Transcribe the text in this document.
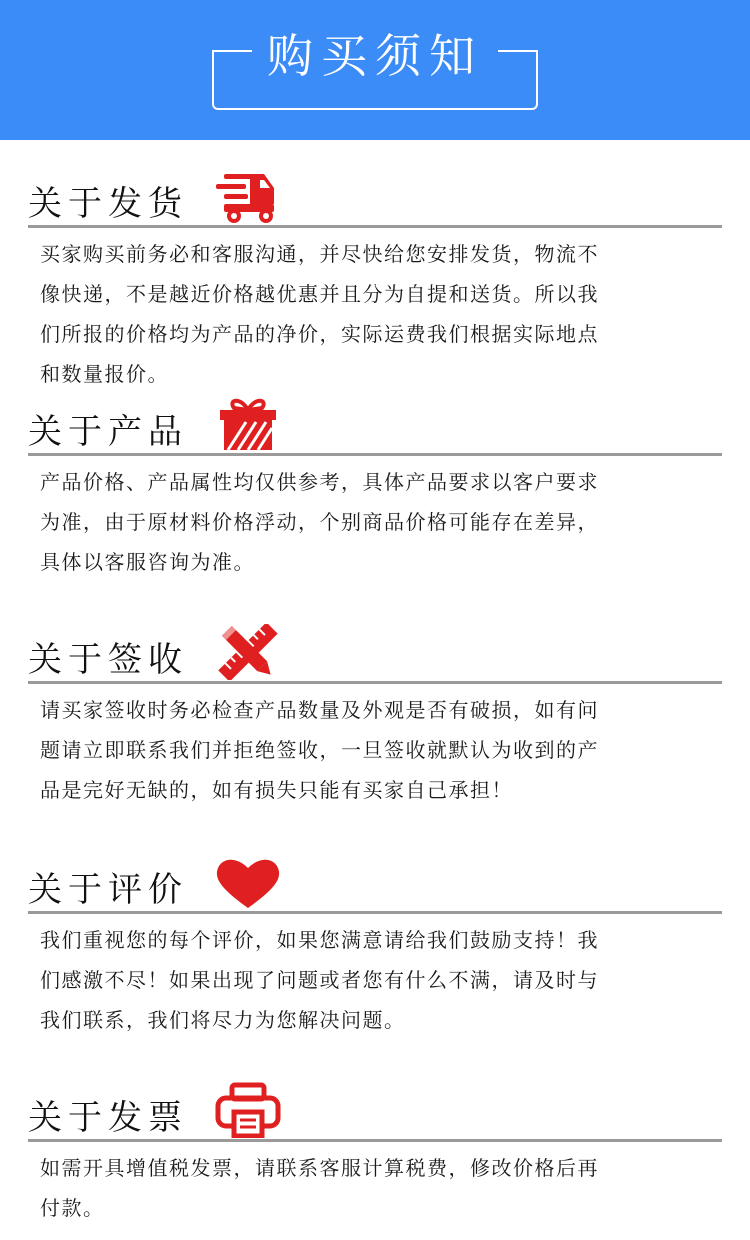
购买须知
关于发货
买家购买前务必和客服沟通，并尽快给您安排发货，物流不
像快递，不是越近价格越优惠并且分为自提和送货。所以我
们所报的价格均为产品的净价，实际运费我们根据实际地点
和数量报价。
关于产品
产品价格、产品属性均仅供参考，具体产品要求以客户要求
为准，由于原材料价格浮动，个别商品价格可能存在差异，
具体以客服咨询为准。
关于签收
请买家签收时务必检查产品数量及外观是否有破损，如有问
题请立即联系我们并拒绝签收，一旦签收就默认为收到的产
品是完好无缺的，如有损失只能有买家自己承担！
关于评价
我们重视您的每个评价，如果您满意请给我们鼓励支持！我
们感激不尽！如果出现了问题或者您有什么不满，请及时与
我们联系，我们将尽力为您解决问题。
关于发票
如需开具增值税发票，请联系客服计算税费，修改价格后再
付款。
